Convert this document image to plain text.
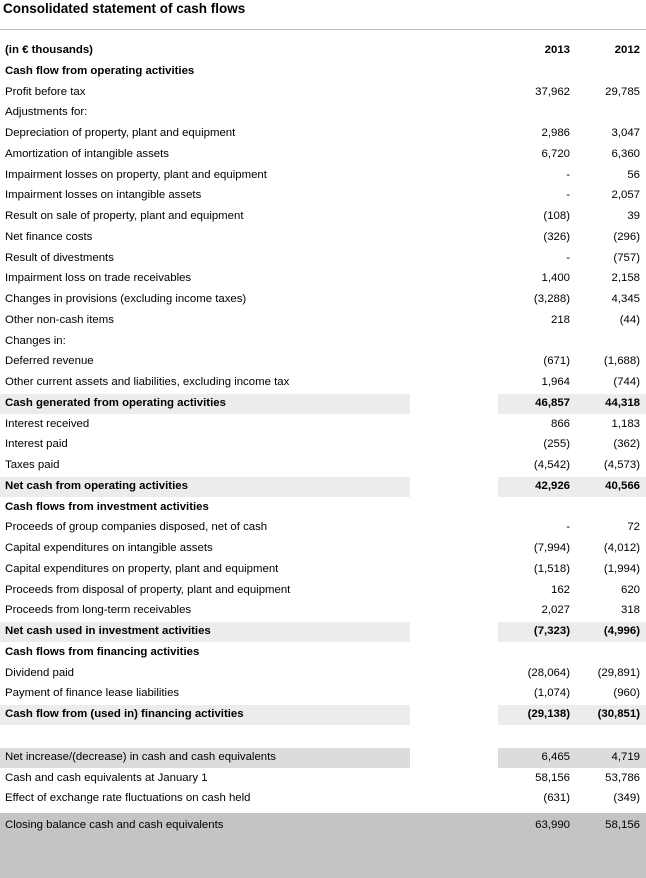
Consolidated statement of cash flows
(in € thousands)	2013	2012
Cash flow from operating activities
Profit before tax	37,962	29,785
Adjustments for:
Depreciation of property, plant and equipment	2,986	3,047
Amortization of intangible assets	6,720	6,360
Impairment losses on property, plant and equipment	-	56
Impairment losses on intangible assets	-	2,057
Result on sale of property, plant and equipment	(108)	39
Net finance costs	(326)	(296)
Result of divestments	-	(757)
Impairment loss on trade receivables	1,400	2,158
Changes in provisions (excluding income taxes)	(3,288)	4,345
Other non-cash items	218	(44)
Changes in:
Deferred revenue	(671)	(1,688)
Other current assets and liabilities, excluding income tax	1,964	(744)
Cash generated from operating activities	46,857	44,318
Interest received	866	1,183
Interest paid	(255)	(362)
Taxes paid	(4,542)	(4,573)
Net cash from operating activities	42,926	40,566
Cash flows from investment activities
Proceeds of group companies disposed, net of cash	-	72
Capital expenditures on intangible assets	(7,994)	(4,012)
Capital expenditures on property, plant and equipment	(1,518)	(1,994)
Proceeds from disposal of property, plant and equipment	162	620
Proceeds from long-term receivables	2,027	318
Net cash used in investment activities	(7,323)	(4,996)
Cash flows from financing activities
Dividend paid	(28,064) (29,891)
Payment of finance lease liabilities	(1,074)	(960)
Cash flow from (used in) financing activities	(29,138) (30,851)
Net increase/(decrease) in cash and cash equivalents	6,465	4,719
Cash and cash equivalents at January 1	58,156	53,786
Effect of exchange rate fluctuations on cash held	(631)	(349)
Closing balance cash and cash equivalents	63,990	58,156
